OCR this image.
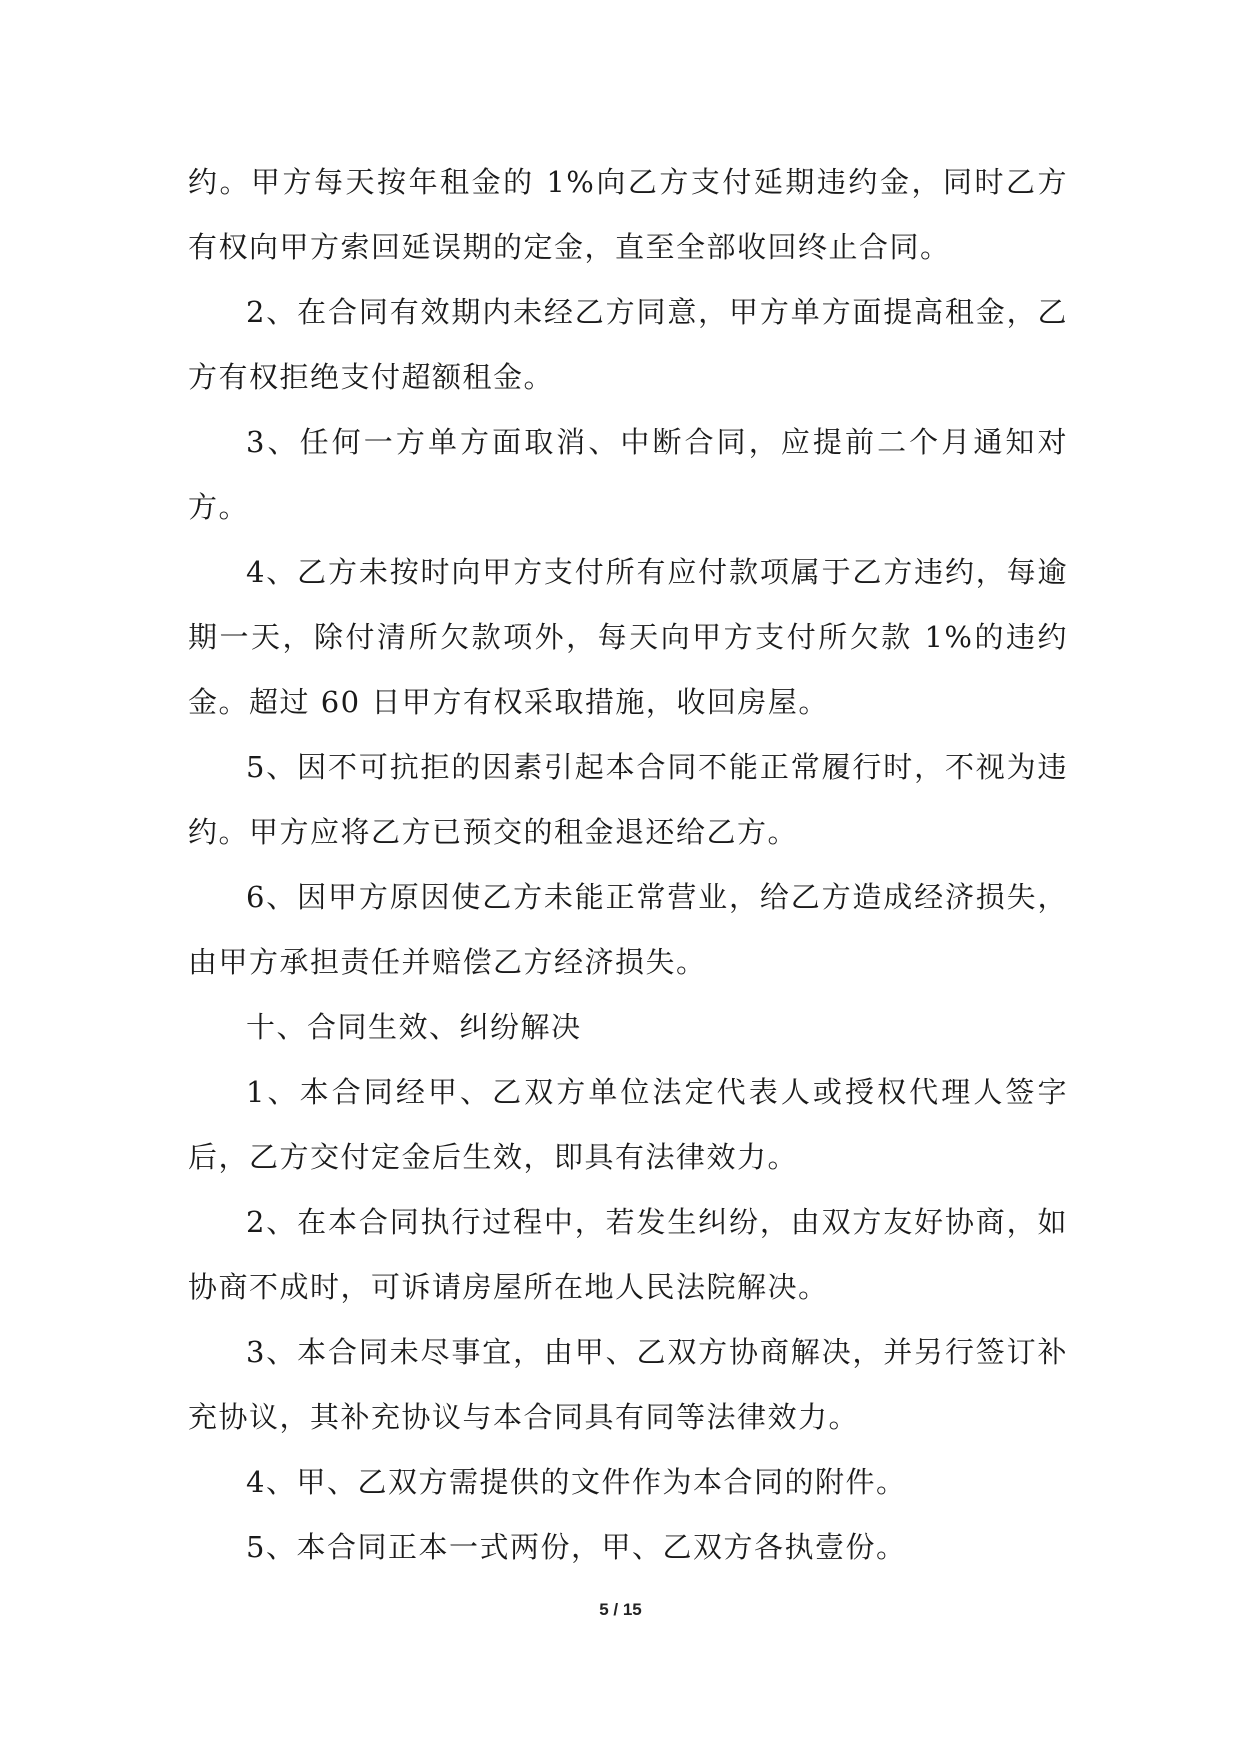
约。甲方每天按年租金的 1%向乙方支付延期违约金，同时乙方有权向甲方索回延误期的定金，直至全部收回终止合同。

2、在合同有效期内未经乙方同意，甲方单方面提高租金，乙方有权拒绝支付超额租金。

3、任何一方单方面取消、中断合同，应提前二个月通知对方。

4、乙方未按时向甲方支付所有应付款项属于乙方违约，每逾期一天，除付清所欠款项外，每天向甲方支付所欠款 1%的违约金。超过 60 日甲方有权采取措施，收回房屋。

5、因不可抗拒的因素引起本合同不能正常履行时，不视为违约。甲方应将乙方已预交的租金退还给乙方。

6、因甲方原因使乙方未能正常营业，给乙方造成经济损失，由甲方承担责任并赔偿乙方经济损失。

十、合同生效、纠纷解决

1、本合同经甲、乙双方单位法定代表人或授权代理人签字后，乙方交付定金后生效，即具有法律效力。

2、在本合同执行过程中，若发生纠纷，由双方友好协商，如协商不成时，可诉请房屋所在地人民法院解决。

3、本合同未尽事宜，由甲、乙双方协商解决，并另行签订补充协议，其补充协议与本合同具有同等法律效力。

4、甲、乙双方需提供的文件作为本合同的附件。

5、本合同正本一式两份，甲、乙双方各执壹份。

5 / 15
